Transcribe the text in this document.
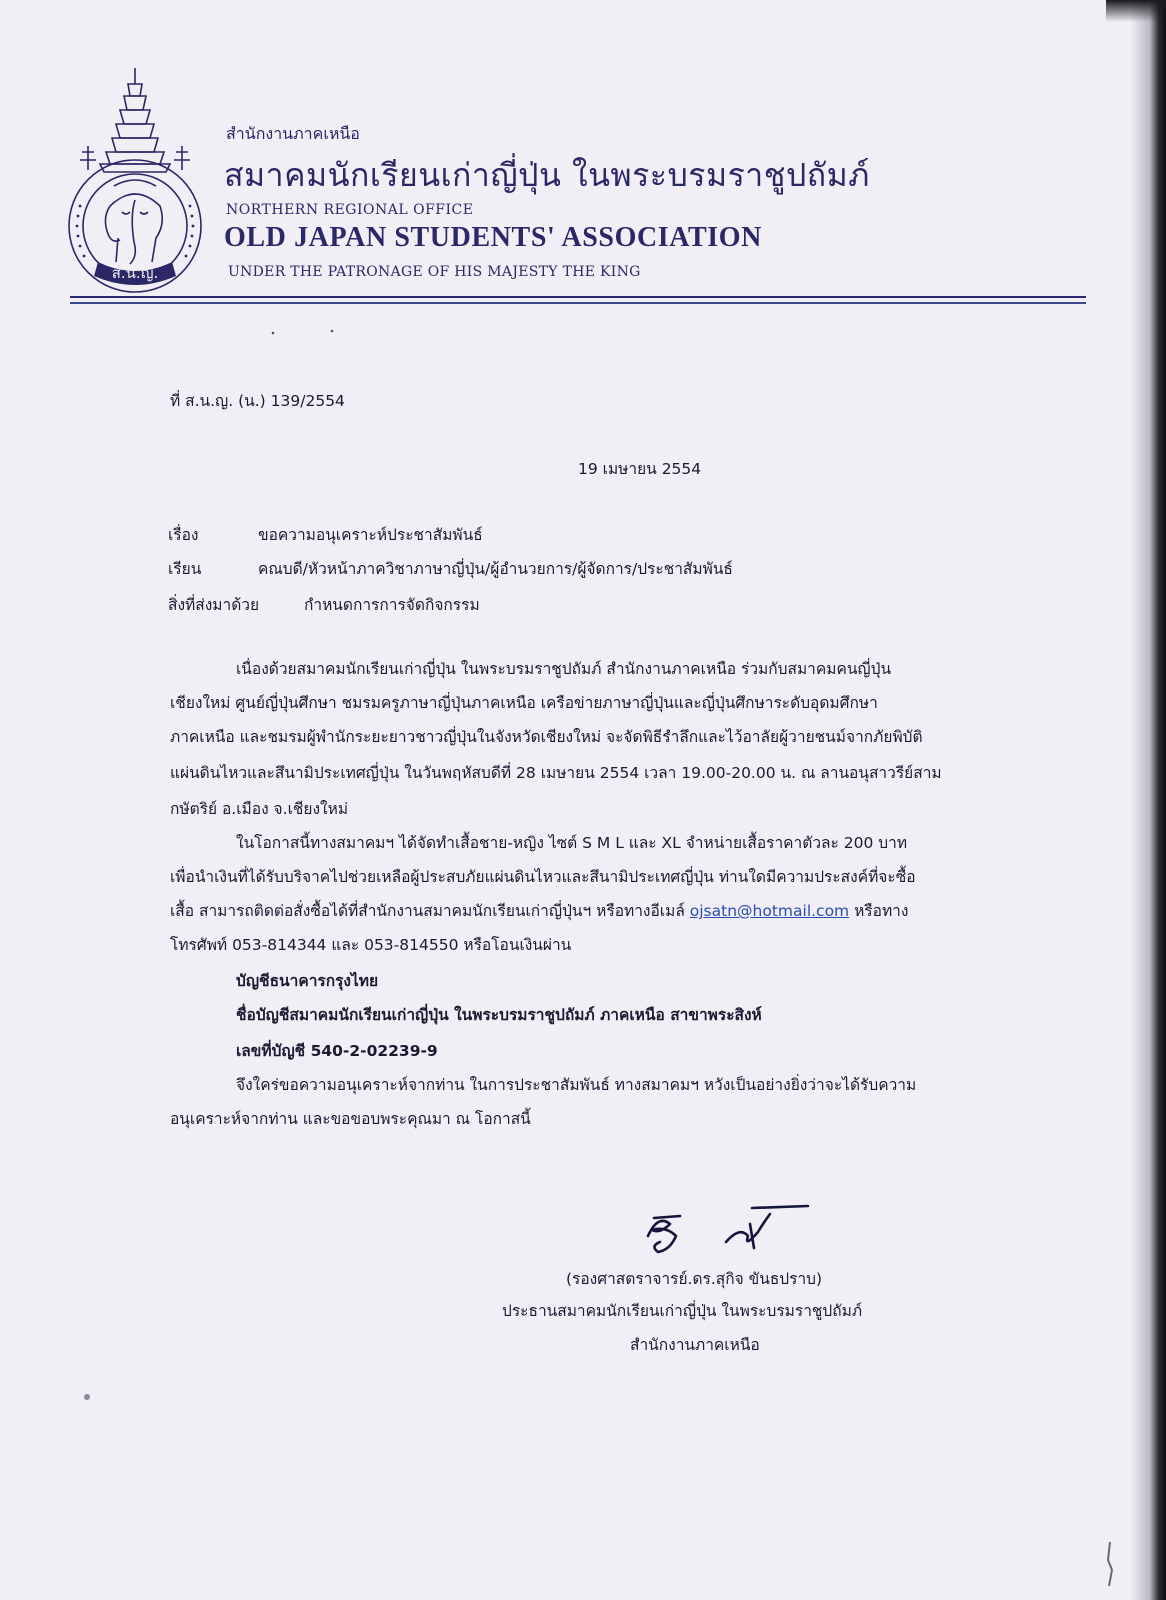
ส.น.ญ.
สำนักงานภาคเหนือ
สมาคมนักเรียนเก่าญี่ปุ่น ในพระบรมราชูปถัมภ์
NORTHERN REGIONAL OFFICE
OLD JAPAN STUDENTS' ASSOCIATION
UNDER THE PATRONAGE OF HIS MAJESTY THE KING
ที่ ส.น.ญ. (น.) 139/2554
19 เมษายน 2554
เรื่อง	ขอความอนุเคราะห์ประชาสัมพันธ์
เรียน	คณบดี/หัวหน้าภาควิชาภาษาญี่ปุ่น/ผู้อำนวยการ/ผู้จัดการ/ประชาสัมพันธ์
สิ่งที่ส่งมาด้วย	กำหนดการการจัดกิจกรรม
เนื่องด้วยสมาคมนักเรียนเก่าญี่ปุ่น ในพระบรมราชูปถัมภ์ สำนักงานภาคเหนือ ร่วมกับสมาคมคนญี่ปุ่น
เชียงใหม่ ศูนย์ญี่ปุ่นศึกษา ชมรมครูภาษาญี่ปุ่นภาคเหนือ เครือข่ายภาษาญี่ปุ่นและญี่ปุ่นศึกษาระดับอุดมศึกษา
ภาคเหนือ และชมรมผู้พำนักระยะยาวชาวญี่ปุ่นในจังหวัดเชียงใหม่ จะจัดพิธีรำลึกและไว้อาลัยผู้วายชนม์จากภัยพิบัติ
แผ่นดินไหวและสึนามิประเทศญี่ปุ่น ในวันพฤหัสบดีที่ 28 เมษายน 2554 เวลา 19.00-20.00 น. ณ ลานอนุสาวรีย์สาม
กษัตริย์ อ.เมือง จ.เชียงใหม่
ในโอกาสนี้ทางสมาคมฯ ได้จัดทำเสื้อชาย-หญิง ไซต์ S M L และ XL จำหน่ายเสื้อราคาตัวละ 200 บาท
เพื่อนำเงินที่ได้รับบริจาคไปช่วยเหลือผู้ประสบภัยแผ่นดินไหวและสึนามิประเทศญี่ปุ่น ท่านใดมีความประสงค์ที่จะซื้อ
เสื้อ สามารถติดต่อสั่งซื้อได้ที่สำนักงานสมาคมนักเรียนเก่าญี่ปุ่นฯ หรือทางอีเมล์ ojsatn@hotmail.com หรือทาง
โทรศัพท์ 053-814344 และ 053-814550 หรือโอนเงินผ่าน
บัญชีธนาคารกรุงไทย
ชื่อบัญชีสมาคมนักเรียนเก่าญี่ปุ่น ในพระบรมราชูปถัมภ์ ภาคเหนือ สาขาพระสิงห์
เลขที่บัญชี 540-2-02239-9
จึงใคร่ขอความอนุเคราะห์จากท่าน ในการประชาสัมพันธ์ ทางสมาคมฯ หวังเป็นอย่างยิ่งว่าจะได้รับความ
อนุเคราะห์จากท่าน และขอขอบพระคุณมา ณ โอกาสนี้
(รองศาสตราจารย์.ดร.สุกิจ ขันธปราบ)
ประธานสมาคมนักเรียนเก่าญี่ปุ่น ในพระบรมราชูปถัมภ์
สำนักงานภาคเหนือ
